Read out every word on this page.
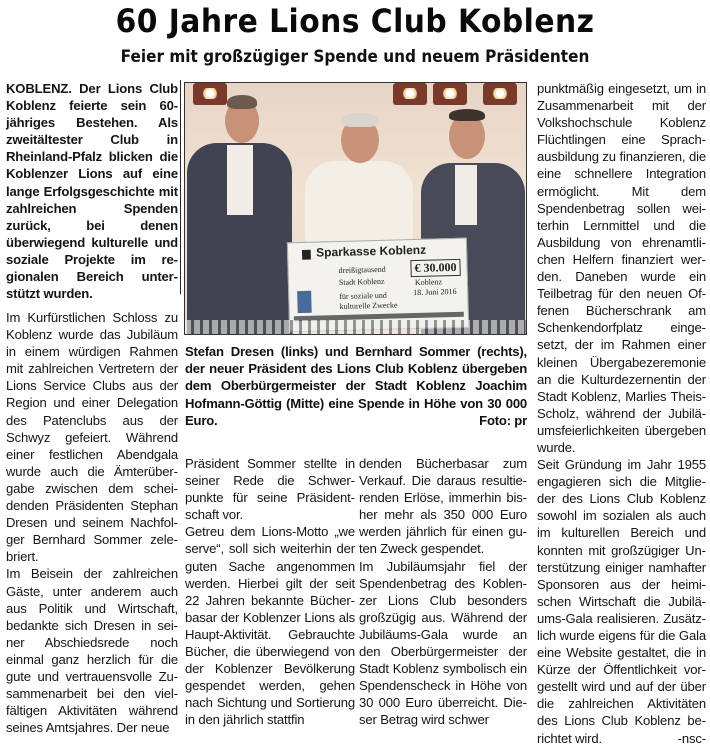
60 Jahre Lions Club Koblenz
Feier mit großzügiger Spende und neuem Präsidenten

KOBLENZ. Der Lions Club Koblenz feierte sein 60-jähriges Bestehen. Als zweitältester Club in Rheinland-Pfalz blicken die Koblenzer Lions auf eine lange Erfolgsgeschichte mit zahlreichen Spenden zurück, bei denen überwiegend kulturelle und soziale Projekte im regionalen Bereich unterstützt wurden.

Im Kurfürstlichen Schloss zu Koblenz wurde das Jubiläum in einem würdigen Rahmen mit zahlreichen Vertretern der Lions Service Clubs aus der Region und einer Delegation des Patenclubs aus der Schwyz gefeiert. Während einer festlichen Abendgala wurde auch die Ämterübergabe zwischen dem scheidenden Präsidenten Stephan Dresen und seinem Nachfolger Bernhard Sommer zelebriert.

Im Beisein der zahlreichen Gäste, unter anderem auch aus Politik und Wirtschaft, bedankte sich Dresen in seiner Abschiedsrede noch einmal ganz herzlich für die gute und vertrauensvolle Zusammenarbeit bei den vielfältigen Aktivitäten während seines Amtsjahres. Der neue

▆ Sparkasse Koblenz
€ 30.000
dreißigtausend
Stadt Koblenz
für soziale und
kulturelle Zwecke
Koblenz
18. Juni 2016
Stefan Dresen (links) und Bernhard Sommer (rechts), der neuer Präsident des Lions Club Koblenz übergeben dem Oberbürgermeister der Stadt Koblenz Joachim Hofmann-Göttig (Mitte) eine Spende in Höhe von 30 000 Euro.	Foto: pr

Präsident Sommer stellte in seiner Rede die Schwerpunkte für seine Präsidentschaft vor.

Getreu dem Lions-Motto „we serve“, soll sich weiterhin der guten Sache angenommen werden. Hierbei gilt der seit 22 Jahren bekannte Bücherbasar der Koblenzer Lions als Haupt-Aktivität. Gebrauchte Bücher, die überwiegend von der Koblenzer Bevölkerung gespendet werden, gehen nach Sichtung und Sortierung in den jährlich stattfin

denden Bücherbasar zum Verkauf. Die daraus resultierenden Erlöse, immerhin bisher mehr als 350 000 Euro werden jährlich für einen guten Zweck gespendet.

Im Jubiläumsjahr fiel der Spendenbetrag des Koblenzer Lions Club besonders großzügig aus. Während der Jubiläums-Gala wurde an den Oberbürgermeister der Stadt Koblenz symbolisch ein Spendenscheck in Höhe von 30 000 Euro überreicht. Dieser Betrag wird schwer

punktmäßig eingesetzt, um in Zusammenarbeit mit der Volkshochschule Koblenz Flüchtlingen eine Sprachausbildung zu finanzieren, die eine schnellere Integration ermöglicht. Mit dem Spendenbetrag sollen weiterhin Lernmittel und die Ausbildung von ehrenamtlichen Helfern finanziert werden. Daneben wurde ein Teilbetrag für den neuen Offenen Bücherschrank am Schenkendorfplatz eingesetzt, der im Rahmen einer kleinen Übergabezeremonie an die Kulturdezernentin der Stadt Koblenz, Marlies Theis-Scholz, während der Jubiläumsfeierlichkeiten übergeben wurde.

Seit Gründung im Jahr 1955 engagieren sich die Mitglieder des Lions Club Koblenz sowohl im sozialen als auch im kulturellen Bereich und konnten mit großzügiger Unterstützung einiger namhafter Sponsoren aus der heimischen Wirtschaft die Jubiläums-Gala realisieren. Zusätzlich wurde eigens für die Gala eine Website gestaltet, die in Kürze der Öffentlichkeit vorgestellt wird und auf der über die zahlreichen Aktivitäten des Lions Club Koblenz berichtet wird.	-nsc-
